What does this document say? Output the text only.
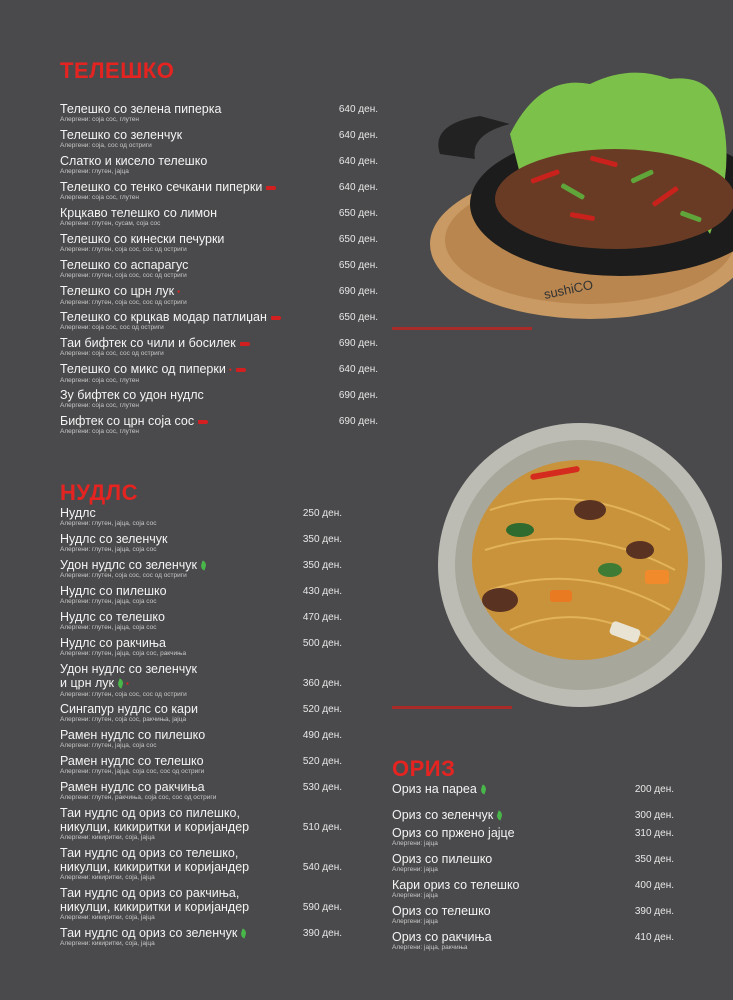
ТЕЛЕШКО
НУДЛС
ОРИЗ
Телешко со зелена пиперка
Алергени: соја сос, глутен
640 ден.
Телешко со зеленчук
Алергени: соја, сос од остриги
640 ден.
Слатко и кисело телешко
Алергени: глутен, јајца
640 ден.
Телешко со тенко сечкани пиперки
Алергени: соја сос, глутен
640 ден.
Крцкаво телешко со лимон
Алергени: глутен, сусам, соја сос
650 ден.
Телешко со кинески печурки
Алергени: глутен, соја сос, сос од остриги
650 ден.
Телешко со аспарагус
Алергени: глутен, соја сос, сос од остриги
650 ден.
Телешко со црн лук ●
Алергени: глутен, соја сос, сос од остриги
690 ден.
Телешко со крцкав модар патлиџан
Алергени: соја сос, сос од остриги
650 ден.
Таи бифтек со чили и босилек
Алергени: соја сос, сос од остриги
690 ден.
Телешко со микс од пиперки ●
Алергени: соја сос, глутен
640 ден.
Зу бифтек со удон нудлс
Алергени: соја сос, глутен
690 ден.
Бифтек со црн соја сос
Алергени: соја сос, глутен
690 ден.
Нудлс
Алергени: глутен, јајца, соја сос
250 ден.
Нудлс со зеленчук
Алергени: глутен, јајца, соја сос
350 ден.
Удон нудлс со зеленчук
Алергени: глутен, соја сос, сос од остриги
350 ден.
Нудлс со пилешко
Алергени: глутен, јајца, соја сос
430 ден.
Нудлс со телешко
Алергени: глутен, јајца, соја сос
470 ден.
Нудлс со ракчиња
Алергени: глутен, јајца, соја сос, ракчиња
500 ден.
Удон нудлс со зеленчук
и црн лук ●
Алергени: глутен, соја сос, сос од остриги
360 ден.
Сингапур нудлс со кари
Алергени: глутен, соја сос, ракчиња, јајца
520 ден.
Рамен нудлс со пилешко
Алергени: глутен, јајца, соја сос
490 ден.
Рамен нудлс со телешко
Алергени: глутен, јајца, соја сос, сос од остриги
520 ден.
Рамен нудлс со ракчиња
Алергени: глутен, ракчиња, соја сос, сос од остриги
530 ден.
Таи нудлс од ориз со пилешко,
никулци, кикиритки и коријандер
Алергени: кикиритки, соја, јајца
510 ден.
Таи нудлс од ориз со телешко,
никулци, кикиритки и коријандер
Алергени: кикиритки, соја, јајца
540 ден.
Таи нудлс од ориз со ракчиња,
никулци, кикиритки и коријандер
Алергени: кикиритки, соја, јајца
590 ден.
Таи нудлс од ориз со зеленчук
Алергени: кикиритки, соја, јајца
390 ден.
Ориз на пареа	200 ден.
Ориз со зеленчук	300 ден.
Ориз со пржено јајце
Алергени: јајца
310 ден.
Ориз со пилешко
Алергени: јајца
350 ден.
Кари ориз со телешко
Алергени: јајца
400 ден.
Ориз со телешко
Алергени: јајца
390 ден.
Ориз со ракчиња
Алергени: јајца, ракчиња
410 ден.
sushiCO
